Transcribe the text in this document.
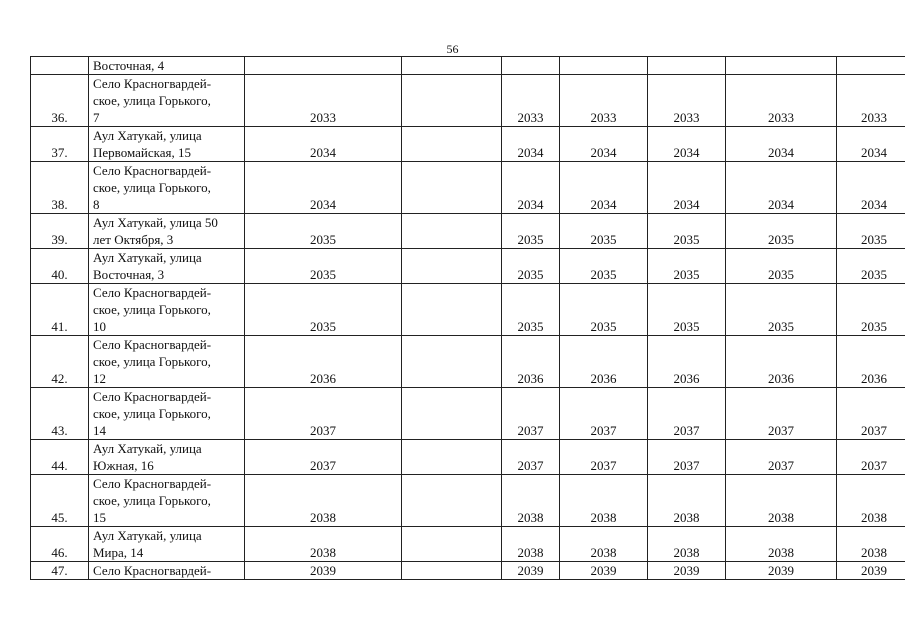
56
	Восточная, 4							
36.	Село Красногвардей-
ское, улица Горького,
7	2033		2033	2033	2033	2033	2033
37.	Аул Хатукай, улица
Первомайская, 15	2034		2034	2034	2034	2034	2034
38.	Село Красногвардей-
ское, улица Горького,
8	2034		2034	2034	2034	2034	2034
39.	Аул Хатукай, улица 50
лет Октября, 3	2035		2035	2035	2035	2035	2035
40.	Аул Хатукай, улица
Восточная, 3	2035		2035	2035	2035	2035	2035
41.	Село Красногвардей-
ское, улица Горького,
10	2035		2035	2035	2035	2035	2035
42.	Село Красногвардей-
ское, улица Горького,
12	2036		2036	2036	2036	2036	2036
43.	Село Красногвардей-
ское, улица Горького,
14	2037		2037	2037	2037	2037	2037
44.	Аул Хатукай, улица
Южная, 16	2037		2037	2037	2037	2037	2037
45.	Село Красногвардей-
ское, улица Горького,
15	2038		2038	2038	2038	2038	2038
46.	Аул Хатукай, улица
Мира, 14	2038		2038	2038	2038	2038	2038
47.	Село Красногвардей-	2039		2039	2039	2039	2039	2039
